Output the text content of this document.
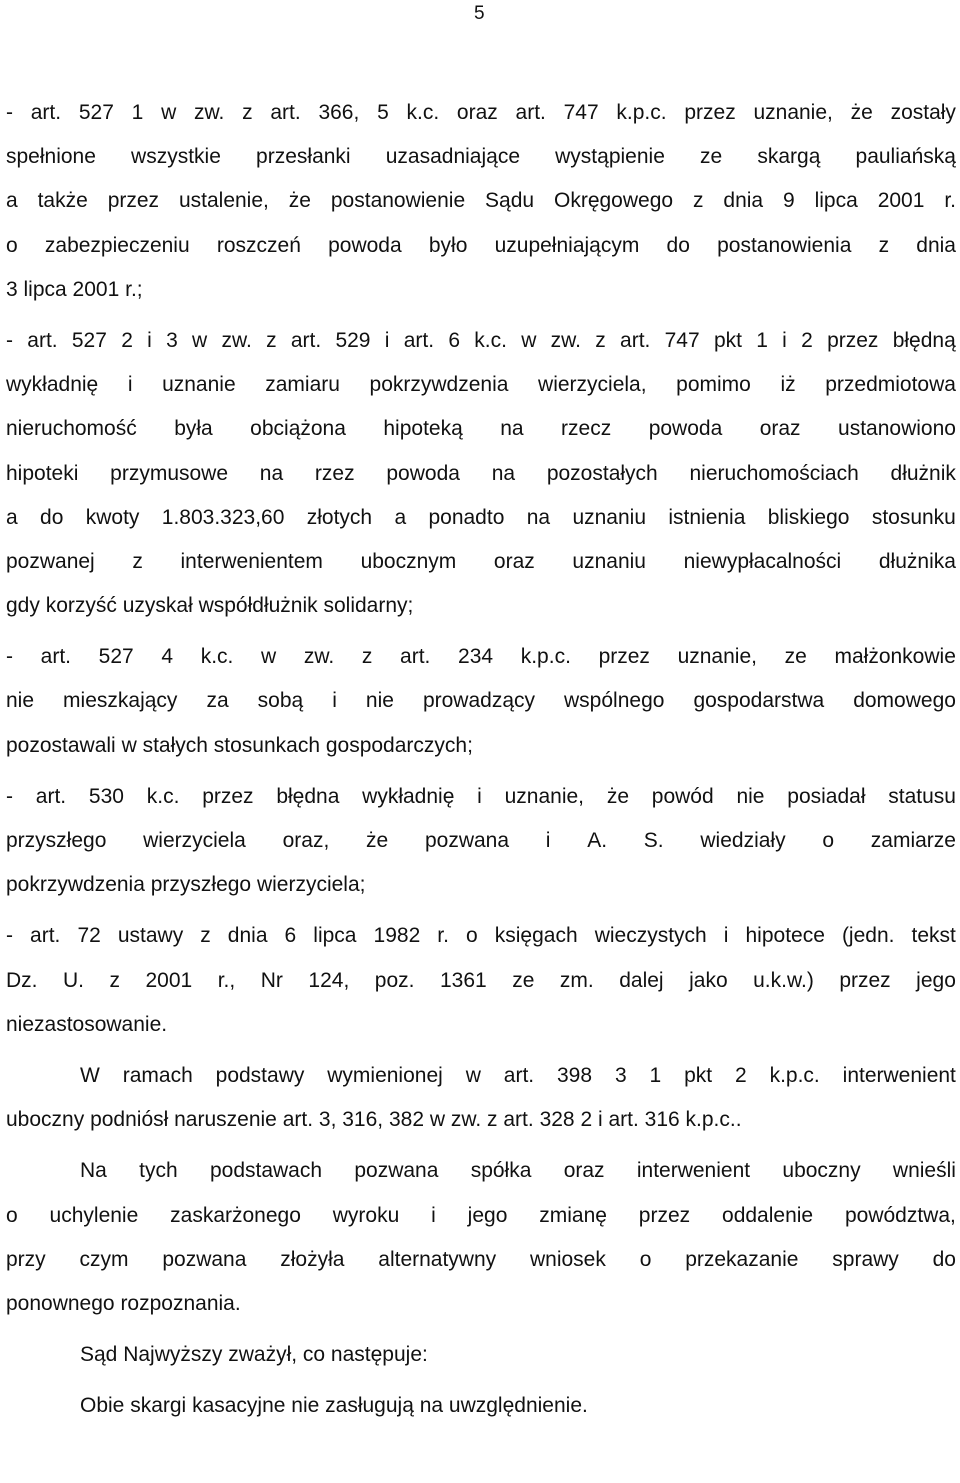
5
- art. 527 1 w zw. z art. 366, 5 k.c. oraz art. 747 k.p.c. przez uznanie, że zostały
spełnione wszystkie przesłanki uzasadniające wystąpienie ze skargą pauliańską
a także przez ustalenie, że postanowienie Sądu Okręgowego z dnia 9 lipca 2001 r.
o zabezpieczeniu roszczeń powoda było uzupełniającym do postanowienia z dnia
3 lipca 2001 r.;
- art. 527 2 i 3 w zw. z art. 529 i art. 6 k.c. w zw. z art. 747 pkt 1 i 2 przez błędną
wykładnię i uznanie zamiaru pokrzywdzenia wierzyciela, pomimo iż przedmiotowa
nieruchomość była obciążona hipoteką na rzecz powoda oraz ustanowiono
hipoteki przymusowe na rzez powoda na pozostałych nieruchomościach dłużnik
a do kwoty 1.803.323,60 złotych a ponadto na uznaniu istnienia bliskiego stosunku
pozwanej z interwenientem ubocznym oraz uznaniu niewypłacalności dłużnika
gdy korzyść uzyskał współdłużnik solidarny;
- art. 527 4 k.c. w zw. z art. 234 k.p.c. przez uznanie, ze małżonkowie
nie mieszkający za sobą i nie prowadzący wspólnego gospodarstwa domowego
pozostawali w stałych stosunkach gospodarczych;
- art. 530 k.c. przez błędna wykładnię i uznanie, że powód nie posiadał statusu
przyszłego wierzyciela oraz, że pozwana i A. S. wiedziały o zamiarze
pokrzywdzenia przyszłego wierzyciela;
- art. 72 ustawy z dnia 6 lipca 1982 r. o księgach wieczystych i hipotece (jedn. tekst
Dz. U. z 2001 r., Nr 124, poz. 1361 ze zm. dalej jako u.k.w.) przez jego
niezastosowanie.
W ramach podstawy wymienionej w art. 398 3 1 pkt 2 k.p.c. interwenient
uboczny podniósł naruszenie art. 3, 316, 382 w zw. z art. 328 2 i art. 316 k.p.c..
Na tych podstawach pozwana spółka oraz interwenient uboczny wnieśli
o uchylenie zaskarżonego wyroku i jego zmianę przez oddalenie powództwa,
przy czym pozwana złożyła alternatywny wniosek o przekazanie sprawy do
ponownego rozpoznania.
Sąd Najwyższy zważył, co następuje:
Obie skargi kasacyjne nie zasługują na uwzględnienie.
